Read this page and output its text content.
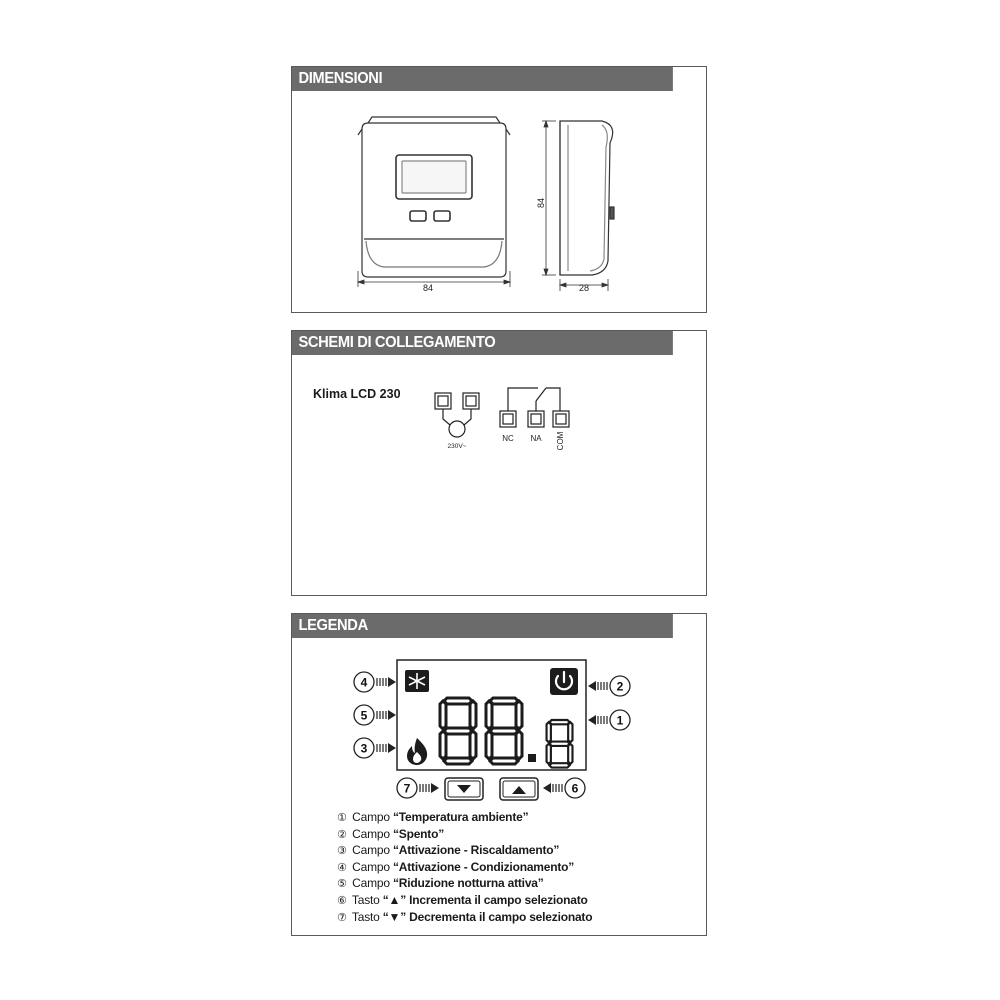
DIMENSIONI
84
84
28
SCHEMI DI COLLEGAMENTO
Klima LCD 230
230V~
NC NA COM
LEGENDA
4
5
3
2
1
7	6
① Campo “Temperatura ambiente”
② Campo “Spento”
③ Campo “Attivazione - Riscaldamento”
④ Campo “Attivazione - Condizionamento”
⑤ Campo “Riduzione notturna attiva”
⑥ Tasto “▲” Incrementa il campo selezionato
⑦ Tasto “▼” Decrementa il campo selezionato
